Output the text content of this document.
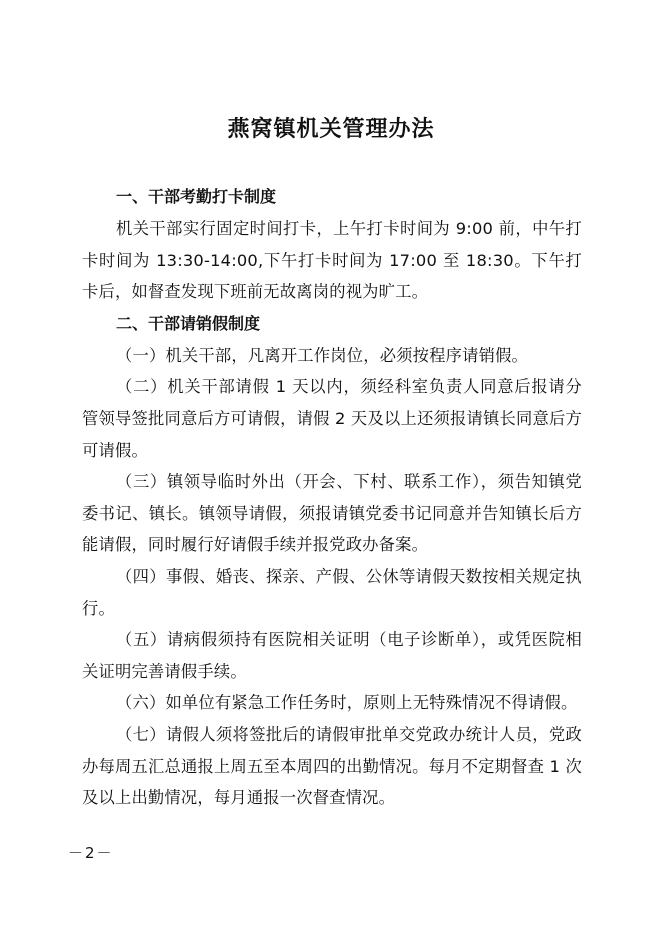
燕窝镇机关管理办法

一、干部考勤打卡制度

机关干部实行固定时间打卡，上午打卡时间为 9:00 前，中午打卡时间为 13:30-14:00,下午打卡时间为 17:00 至 18:30。下午打卡后，如督查发现下班前无故离岗的视为旷工。

二、干部请销假制度

（一）机关干部，凡离开工作岗位，必须按程序请销假。

（二）机关干部请假 1 天以内，须经科室负责人同意后报请分管领导签批同意后方可请假，请假 2 天及以上还须报请镇长同意后方可请假。

（三）镇领导临时外出（开会、下村、联系工作），须告知镇党委书记、镇长。镇领导请假，须报请镇党委书记同意并告知镇长后方能请假，同时履行好请假手续并报党政办备案。

（四）事假、婚丧、探亲、产假、公休等请假天数按相关规定执行。

（五）请病假须持有医院相关证明（电子诊断单），或凭医院相关证明完善请假手续。

（六）如单位有紧急工作任务时，原则上无特殊情况不得请假。

（七）请假人须将签批后的请假审批单交党政办统计人员，党政办每周五汇总通报上周五至本周四的出勤情况。每月不定期督查 1 次及以上出勤情况，每月通报一次督查情况。

－2－
